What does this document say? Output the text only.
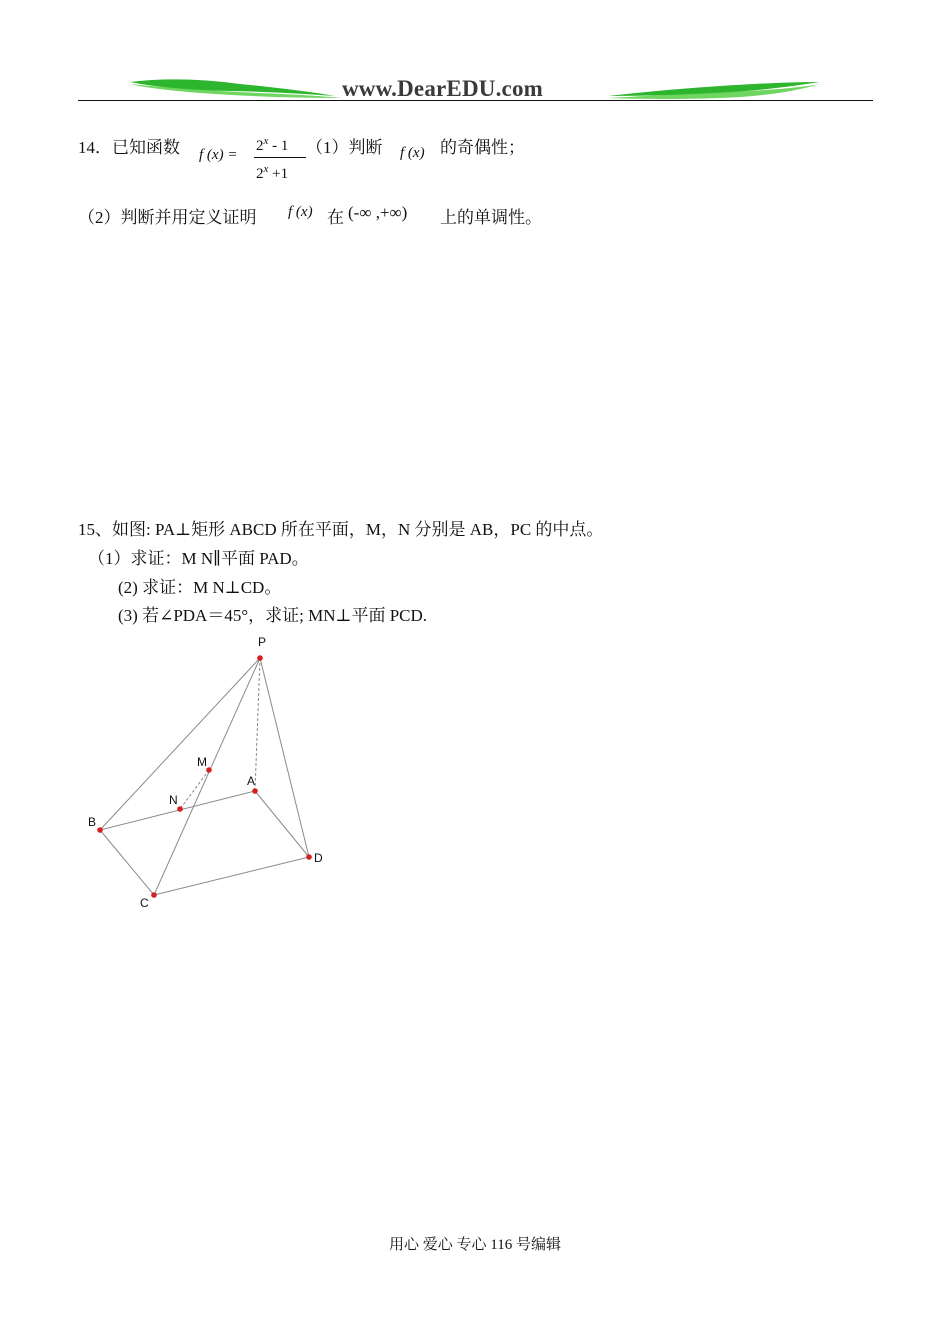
www.DearEDU.com
14．已知函数 f (x) =
$2^x - 1$
$2^x +1$
（1）判断 f (x) 的奇偶性；
（2）判断并用定义证明 f (x) 在 (-∞ ,+∞) 上的单调性。
15、如图: PA⊥矩形 ABCD 所在平面，M，N 分别是 AB，PC 的中点。
（1）求证：M N∥平面 PAD。
(2) 求证：M N⊥CD。
(3) 若∠PDA＝45°，求证; MN⊥平面 PCD.
P
M
A
N
B
D
C
用心 爱心 专心 116 号编辑
